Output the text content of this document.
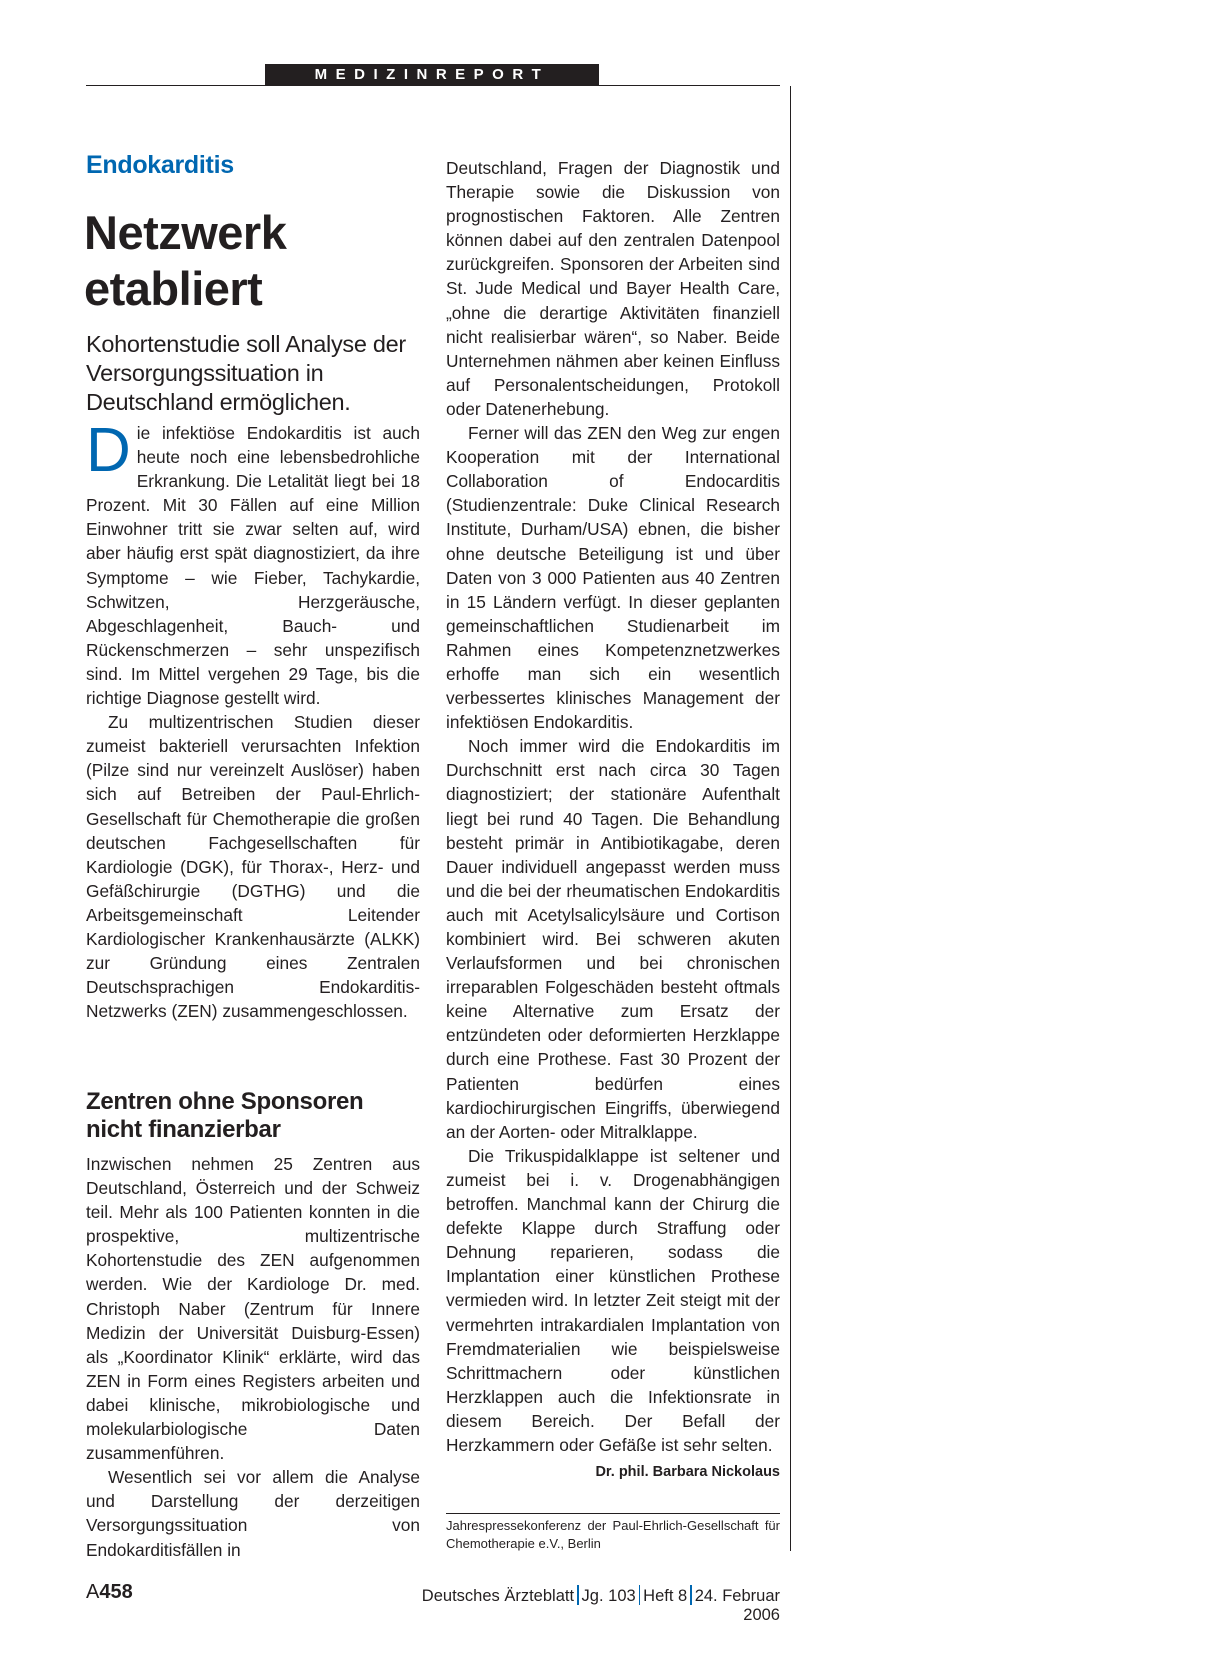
MEDIZINREPORT
Endokarditis
Netzwerk
etabliert
Kohortenstudie soll Analyse der Versorgungssituation in Deutschland ermöglichen.

Die infektiöse Endokarditis ist auch heute noch eine lebensbedrohliche Erkrankung. Die Letalität liegt bei 18 Prozent. Mit 30 Fällen auf eine Million Einwohner tritt sie zwar selten auf, wird aber häufig erst spät diagnostiziert, da ihre Symptome – wie Fieber, Tachykardie, Schwitzen, Herzgeräusche, Abgeschlagenheit, Bauch- und Rückenschmerzen – sehr unspezifisch sind. Im Mittel vergehen 29 Tage, bis die richtige Diagnose gestellt wird.

Zu multizentrischen Studien dieser zumeist bakteriell verursachten Infektion (Pilze sind nur vereinzelt Auslöser) haben sich auf Betreiben der Paul-Ehrlich-Gesellschaft für Chemotherapie die großen deutschen Fachgesellschaften für Kardiologie (DGK), für Thorax-, Herz- und Gefäßchirurgie (DGTHG) und die Arbeitsgemeinschaft Leitender Kardiologischer Krankenhausärzte (ALKK) zur Gründung eines Zentralen Deutschsprachigen Endokarditis-Netzwerks (ZEN) zusammengeschlossen.

Zentren ohne Sponsoren
nicht finanzierbar

Inzwischen nehmen 25 Zentren aus Deutschland, Österreich und der Schweiz teil. Mehr als 100 Patienten konnten in die prospektive, multizentrische Kohortenstudie des ZEN aufgenommen werden. Wie der Kardiologe Dr. med. Christoph Naber (Zentrum für Innere Medizin der Universität Duisburg-Essen) als „Koordinator Klinik“ erklärte, wird das ZEN in Form eines Registers arbeiten und dabei klinische, mikrobiologische und molekularbiologische Daten zusammenführen.

Wesentlich sei vor allem die Analyse und Darstellung der derzeitigen Versorgungssituation von Endokarditisfällen in

Deutschland, Fragen der Diagnostik und Therapie sowie die Diskussion von prognostischen Faktoren. Alle Zentren können dabei auf den zentralen Datenpool zurückgreifen. Sponsoren der Arbeiten sind St. Jude Medical und Bayer Health Care, „ohne die derartige Aktivitäten finanziell nicht realisierbar wären“, so Naber. Beide Unternehmen nähmen aber keinen Einfluss auf Personalentscheidungen, Protokoll oder Datenerhebung.

Ferner will das ZEN den Weg zur engen Kooperation mit der International Collaboration of Endocarditis (Studienzentrale: Duke Clinical Research Institute, Durham/USA) ebnen, die bisher ohne deutsche Beteiligung ist und über Daten von 3 000 Patienten aus 40 Zentren in 15 Ländern verfügt. In dieser geplanten gemeinschaftlichen Studienarbeit im Rahmen eines Kompetenznetzwerkes erhoffe man sich ein wesentlich verbessertes klinisches Management der infektiösen Endokarditis.

Noch immer wird die Endokarditis im Durchschnitt erst nach circa 30 Tagen diagnostiziert; der stationäre Aufenthalt liegt bei rund 40 Tagen. Die Behandlung besteht primär in Antibiotikagabe, deren Dauer individuell angepasst werden muss und die bei der rheumatischen Endokarditis auch mit Acetylsalicylsäure und Cortison kombiniert wird. Bei schweren akuten Verlaufsformen und bei chronischen irreparablen Folgeschäden besteht oftmals keine Alternative zum Ersatz der entzündeten oder deformierten Herzklappe durch eine Prothese. Fast 30 Prozent der Patienten bedürfen eines kardiochirurgischen Eingriffs, überwiegend an der Aorten- oder Mitralklappe.

Die Trikuspidalklappe ist seltener und zumeist bei i. v. Drogenabhängigen betroffen. Manchmal kann der Chirurg die defekte Klappe durch Straffung oder Dehnung reparieren, sodass die Implantation einer künstlichen Prothese vermieden wird. In letzter Zeit steigt mit der vermehrten intrakardialen Implantation von Fremdmaterialien wie beispielsweise Schrittmachern oder künstlichen Herzklappen auch die Infektionsrate in diesem Bereich. Der Befall der Herzkammern oder Gefäße ist sehr selten.
Dr. phil. Barbara Nickolaus

Jahrespressekonferenz der Paul-Ehrlich-Gesellschaft für Chemotherapie e.V., Berlin
A458	Deutsches Ärzteblatt Jg. 103 Heft 8 24. Februar 2006
